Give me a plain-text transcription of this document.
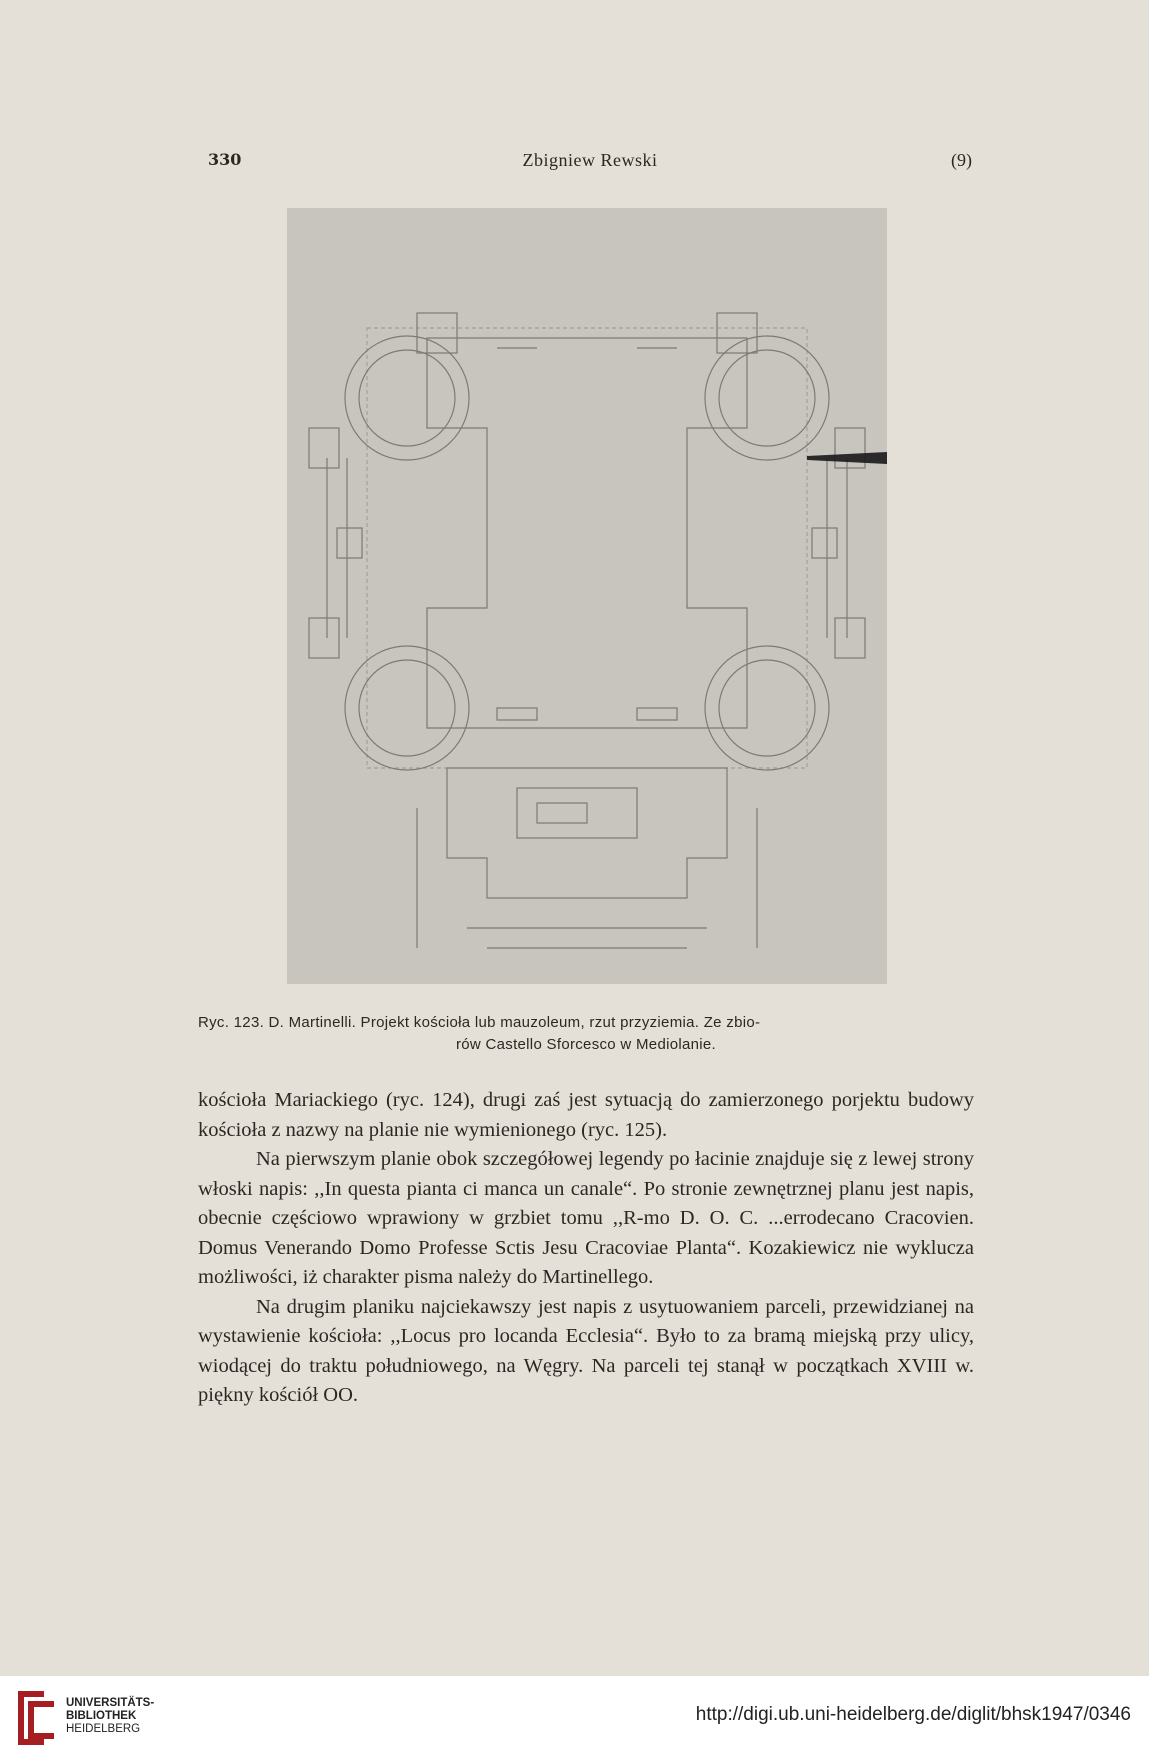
330	Zbigniew Rewski	(9)
Ryc. 123. D. Martinelli. Projekt kościoła lub mauzoleum, rzut przyziemia. Ze zbio-
rów Castello Sforcesco w Mediolanie.

kościoła Mariackiego (ryc. 124), drugi zaś jest sytuacją do zamierzonego porjektu budowy kościoła z nazwy na planie nie wymienionego (ryc. 125).

Na pierwszym planie obok szczegółowej legendy po łacinie znajduje się z lewej strony włoski napis: ,,In questa pianta ci manca un canale“. Po stronie zewnętrznej planu jest napis, obecnie częściowo wprawiony w grzbiet tomu ,,R-mo D. O. C. ...errodecano Cracovien. Domus Venerando Domo Professe Sctis Jesu Cracoviae Planta“. Kozakiewicz nie wyklucza możliwości, iż charakter pisma należy do Martinellego.

Na drugim planiku najciekawszy jest napis z usytuowaniem parceli, przewidzianej na wystawienie kościoła: ,,Locus pro locanda Ecclesia“. Było to za bramą miejską przy ulicy, wiodącej do traktu południowego, na Węgry. Na parceli tej stanął w początkach XVIII w. piękny kościół OO.

UNIVERSITÄTS-
BIBLIOTHEK
HEIDELBERG
http://digi.ub.uni-heidelberg.de/diglit/bhsk1947/0346
